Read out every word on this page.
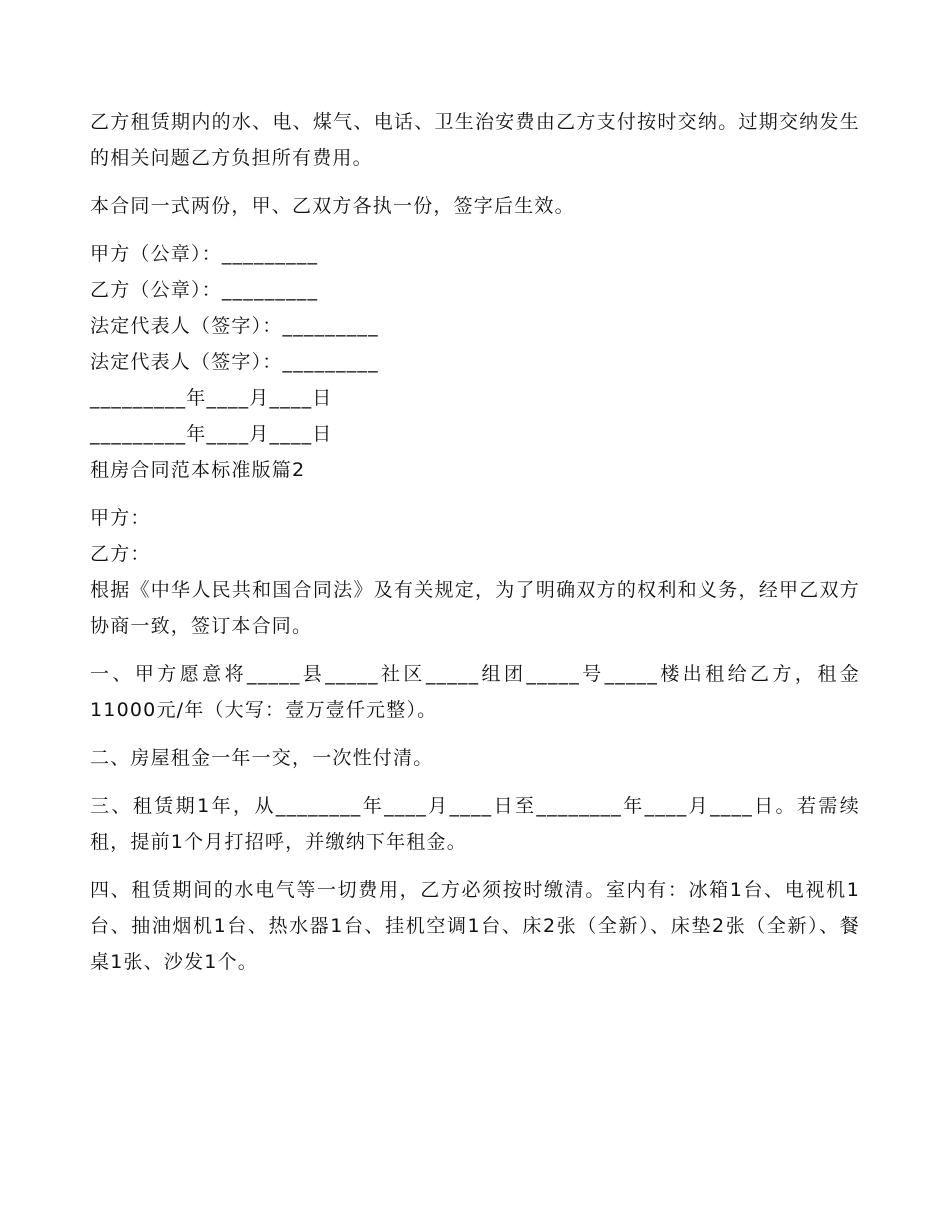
乙方租赁期内的水、电、煤气、电话、卫生治安费由乙方支付按时交纳。过期交纳发生的相关问题乙方负担所有费用。

本合同一式两份，甲、乙双方各执一份，签字后生效。

甲方（公章）：_________

乙方（公章）：_________

法定代表人（签字）：_________

法定代表人（签字）：_________

_________年____月____日

_________年____月____日

租房合同范本标准版篇2

甲方：

乙方：

根据《中华人民共和国合同法》及有关规定，为了明确双方的权利和义务，经甲乙双方协商一致，签订本合同。

一、甲方愿意将_____县_____社区_____组团_____号_____楼出租给乙方，租金11000元/年（大写：壹万壹仟元整）。

二、房屋租金一年一交，一次性付清。

三、租赁期1年，从________年____月____日至________年____月____日。若需续租，提前1个月打招呼，并缴纳下年租金。

四、租赁期间的水电气等一切费用，乙方必须按时缴清。室内有：冰箱1台、电视机1台、抽油烟机1台、热水器1台、挂机空调1台、床2张（全新）、床垫2张（全新）、餐桌1张、沙发1个。
